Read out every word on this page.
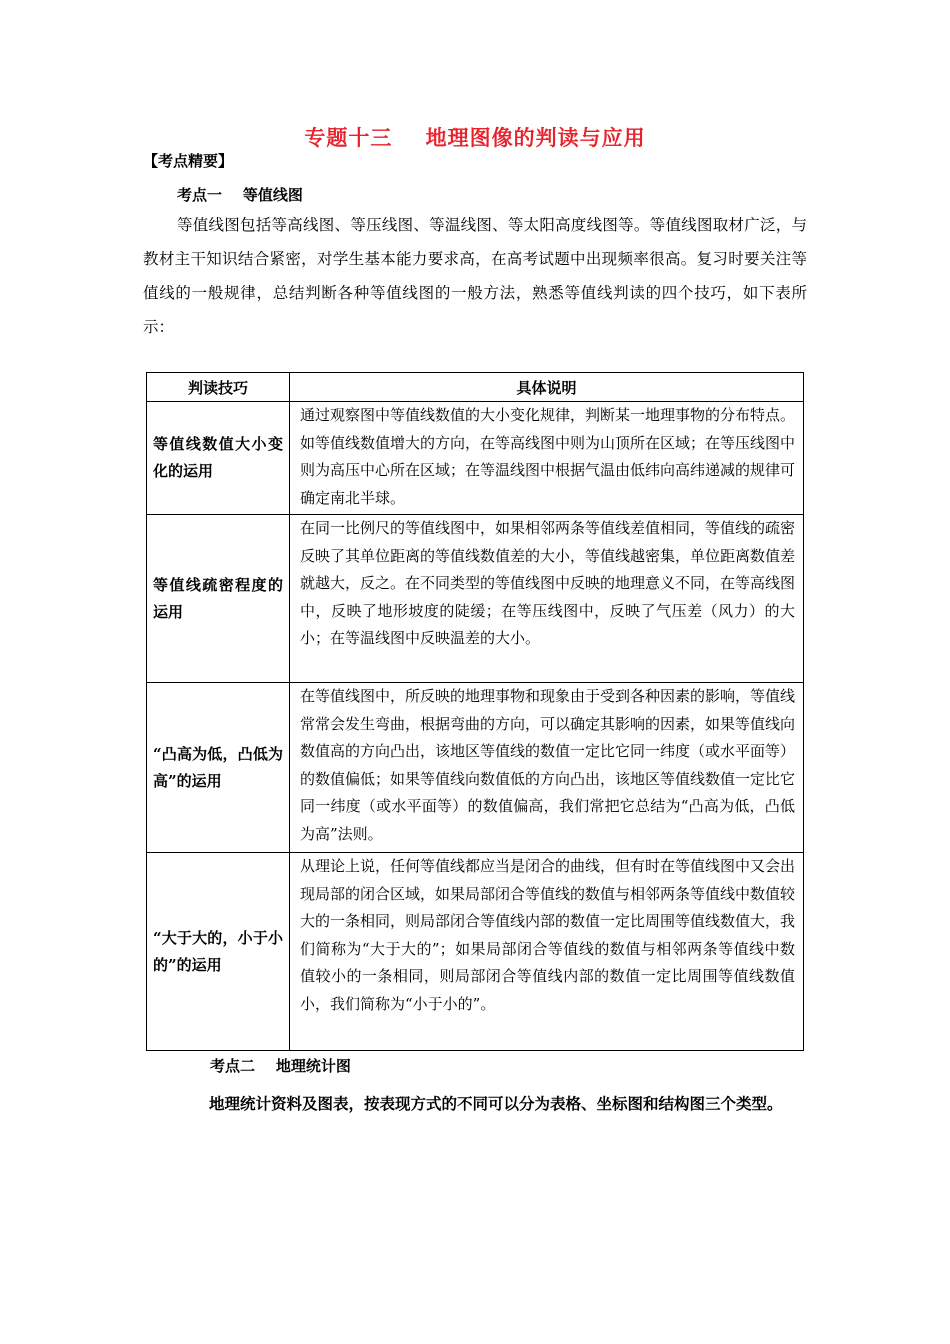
专题十三    地理图像的判读与应用
【考点精要】
考点一    等值线图
等值线图包括等高线图、等压线图、等温线图、等太阳高度线图等。等值线图取材广泛，与教材主干知识结合紧密，对学生基本能力要求高，在高考试题中出现频率很高。复习时要关注等值线的一般规律，总结判断各种等值线图的一般方法，熟悉等值线判读的四个技巧，如下表所示：
判读技巧	具体说明
等值线数值大小变化的运用	通过观察图中等值线数值的大小变化规律，判断某一地理事物的分布特点。如等值线数值增大的方向，在等高线图中则为山顶所在区域；在等压线图中则为高压中心所在区域；在等温线图中根据气温由低纬向高纬递减的规律可确定南北半球。
等值线疏密程度的运用	在同一比例尺的等值线图中，如果相邻两条等值线差值相同，等值线的疏密反映了其单位距离的等值线数值差的大小，等值线越密集，单位距离数值差就越大，反之。在不同类型的等值线图中反映的地理意义不同，在等高线图中，反映了地形坡度的陡缓；在等压线图中，反映了气压差（风力）的大小；在等温线图中反映温差的大小。
“凸高为低，凸低为高”的运用	在等值线图中，所反映的地理事物和现象由于受到各种因素的影响，等值线常常会发生弯曲，根据弯曲的方向，可以确定其影响的因素，如果等值线向数值高的方向凸出，该地区等值线的数值一定比它同一纬度（或水平面等）的数值偏低；如果等值线向数值低的方向凸出，该地区等值线数值一定比它同一纬度（或水平面等）的数值偏高，我们常把它总结为“凸高为低，凸低为高”法则。
“大于大的，小于小的”的运用	从理论上说，任何等值线都应当是闭合的曲线，但有时在等值线图中又会出现局部的闭合区域，如果局部闭合等值线的数值与相邻两条等值线中数值较大的一条相同，则局部闭合等值线内部的数值一定比周围等值线数值大，我们简称为“大于大的”；如果局部闭合等值线的数值与相邻两条等值线中数值较小的一条相同，则局部闭合等值线内部的数值一定比周围等值线数值小，我们简称为“小于小的”。
考点二    地理统计图
地理统计资料及图表，按表现方式的不同可以分为表格、坐标图和结构图三个类型。
